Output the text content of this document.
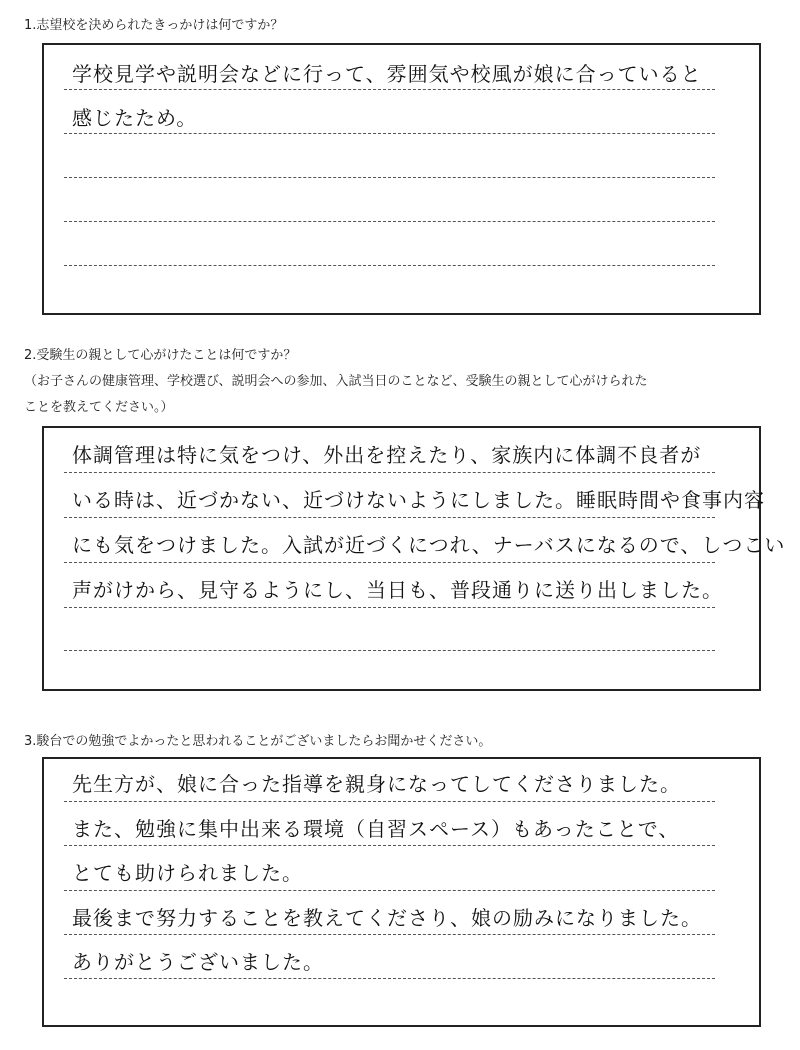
1.志望校を決められたきっかけは何ですか？

学校見学や説明会などに行って、雰囲気や校風が娘に合っていると

感じたため。

2.受験生の親として心がけたことは何ですか？

（お子さんの健康管理、学校選び、説明会への参加、入試当日のことなど、受験生の親として心がけられた

ことを教えてください。）

体調管理は特に気をつけ、外出を控えたり、家族内に体調不良者が

いる時は、近づかない、近づけないようにしました。睡眠時間や食事内容

にも気をつけました。入試が近づくにつれ、ナーバスになるので、しつこい

声がけから、見守るようにし、当日も、普段通りに送り出しました。

3.駿台での勉強でよかったと思われることがございましたらお聞かせください。

先生方が、娘に合った指導を親身になってしてくださりました。

また、勉強に集中出来る環境（自習スペース）もあったことで、

とても助けられました。

最後まで努力することを教えてくださり、娘の励みになりました。

ありがとうございました。
